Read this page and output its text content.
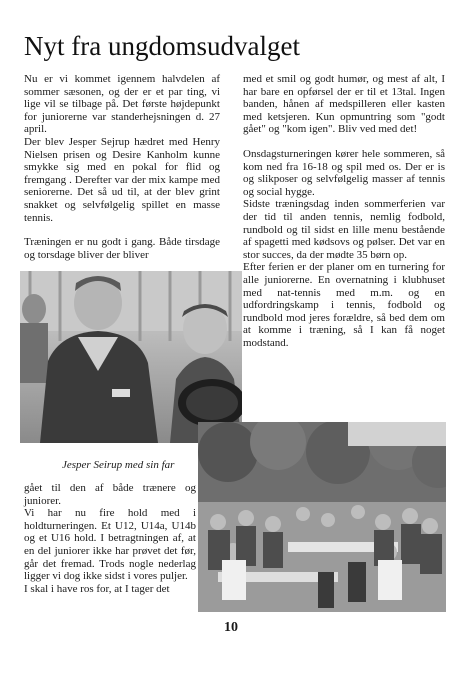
Nyt fra ungdomsudvalget

Nu er vi kommet igennem halvdelen af sommer sæsonen, og der er et par ting, vi lige vil se tilbage på. Det første højdepunkt for juniorerne var standerhejsningen d. 27 april.

Der blev Jesper Sejrup hædret med Henry Nielsen prisen og Desire Kanholm kunne smykke sig med en pokal for flid og fremgang . Derefter var der mix kampe med seniorerne. Det så ud til, at der blev grint snakket og selvfølgelig spillet en masse tennis.

Træningen er nu godt i gang. Både tirsdage og torsdage bliver der bliver

Jesper Seirup med sin far

gået til den af både trænere og juniorer.

Vi har nu fire hold med i holdturneringen. Et U12, U14a, U14b og et U16 hold. I betragtningen af, at en del juniorer ikke har prøvet det før, går det fremad. Trods nogle nederlag ligger vi dog ikke sidst i vores puljer.

I skal i have ros for, at I tager det

med et smil og godt humør, og mest af alt, I har bare en opførsel der er til et 13tal. Ingen banden, hånen af medspilleren eller kasten med ketsjeren. Kun opmuntring som "godt gået" og "kom igen". Bliv ved med det!

Onsdagsturneringen kører hele sommeren, så kom ned fra 16-18 og spil med os. Der er is og slikposer og selvfølgelig masser af tennis og social hygge.

Sidste træningsdag inden sommerferien var der tid til anden tennis, nemlig fodbold, rundbold og til sidst en lille menu bestående af spagetti med kødsovs og pølser. Det var en stor succes, da der mødte 35 børn op.

Efter ferien er der planer om en turnering for alle juniorerne. En overnatning i klubhuset med nat-tennis med m.m. og en udfordringskamp i tennis, fodbold og rundbold mod jeres forældre, så bed dem om at komme i træning, så I kan få noget modstand.

10
